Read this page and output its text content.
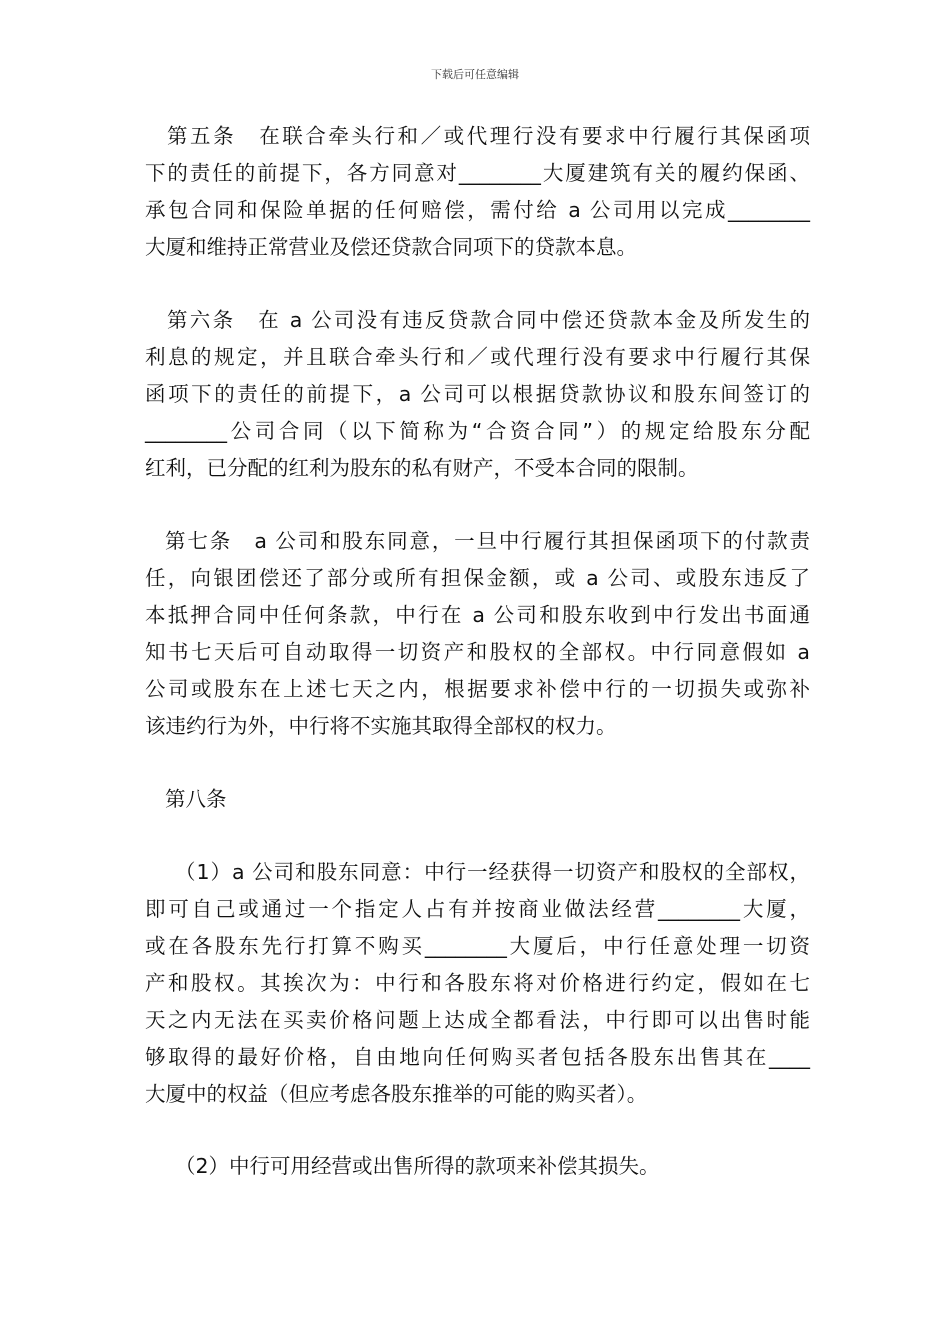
下载后可任意编辑
第五条　在联合牵头行和／或代理行没有要求中行履行其保函项
下的责任的前提下，各方同意对________大厦建筑有关的履约保函、
承包合同和保险单据的任何赔偿，需付给 a 公司用以完成________
大厦和维持正常营业及偿还贷款合同项下的贷款本息。
第六条　在 a 公司没有违反贷款合同中偿还贷款本金及所发生的
利息的规定，并且联合牵头行和／或代理行没有要求中行履行其保
函项下的责任的前提下，a 公司可以根据贷款协议和股东间签订的
________公司合同（以下简称为“合资合同”）的规定给股东分配
红利，已分配的红利为股东的私有财产，不受本合同的限制。
第七条　a 公司和股东同意，一旦中行履行其担保函项下的付款责
任，向银团偿还了部分或所有担保金额，或 a 公司、或股东违反了
本抵押合同中任何条款，中行在 a 公司和股东收到中行发出书面通
知书七天后可自动取得一切资产和股权的全部权。中行同意假如 a
公司或股东在上述七天之内，根据要求补偿中行的一切损失或弥补
该违约行为外，中行将不实施其取得全部权的权力。
第八条
（1）a 公司和股东同意：中行一经获得一切资产和股权的全部权，
即可自己或通过一个指定人占有并按商业做法经营________大厦，
或在各股东先行打算不购买________大厦后，中行任意处理一切资
产和股权。其挨次为：中行和各股东将对价格进行约定，假如在七
天之内无法在买卖价格问题上达成全都看法，中行即可以出售时能
够取得的最好价格，自由地向任何购买者包括各股东出售其在____
大厦中的权益（但应考虑各股东推举的可能的购买者）。
（2）中行可用经营或出售所得的款项来补偿其损失。
